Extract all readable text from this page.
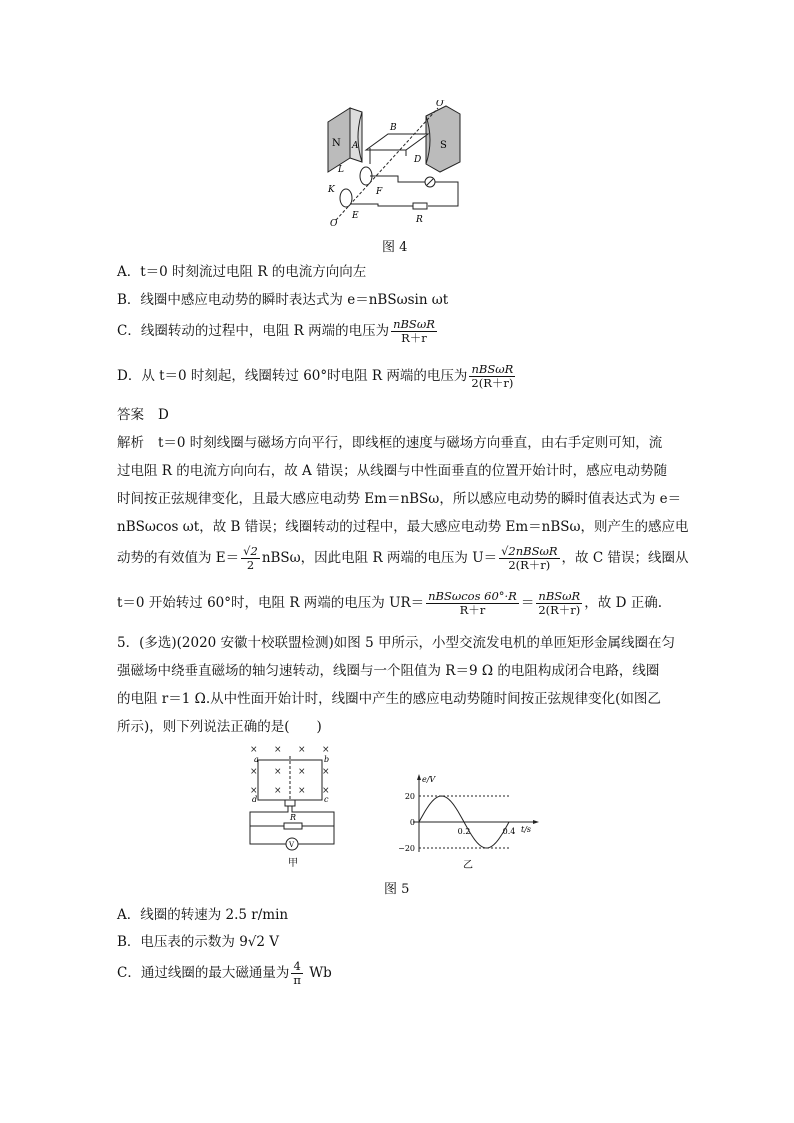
O′
B
N A
L
S
D
K	F
E
O	R
图 4
A．t＝0 时刻流过电阻 R 的电流方向向左
B．线圈中感应电动势的瞬时表达式为 e＝nBSωsin ωt
C．线圈转动的过程中，电阻 R 两端的电压为 $\frac{\text{nBSωR}}{R+r}$
D．从 t＝0 时刻起，线圈转过 60°时电阻 R 两端的电压为 $\frac{\text{nBSωR}}{2(R+r)}$
答案 D
解析 t＝0 时刻线圈与磁场方向平行，即线框的速度与磁场方向垂直，由右手定则可知，流
过电阻 R 的电流方向向右，故 A 错误；从线圈与中性面垂直的位置开始计时，感应电动势随
时间按正弦规律变化，且最大感应电动势 Em＝nBSω，所以感应电动势的瞬时值表达式为 e＝
nBSωcos ωt，故 B 错误；线圈转动的过程中，最大感应电动势 Em＝nBSω，则产生的感应电
动势的有效值为 $E= \frac{√2}{2}$ nBSω，因此电阻 R 两端的电压为 $U= \frac{\text{√2nBSωR}}{2(R+r)}$ ，故 C 错误；线圈从
t＝0 开始转过 60°时，电阻 R 两端的电压为 $UR= \frac{\text{nBSωcos 60°·R}}{R+r} = \frac{\text{nBSωR}}{2(R+r)}$ ，故 D 正确.
5．(多选)(2020 安徽十校联盟检测)如图 5 甲所示，小型交流发电机的单匝矩形金属线圈在匀
强磁场中绕垂直磁场的轴匀速转动，线圈与一个阻值为 R＝9 Ω 的电阻构成闭合电路，线圈
的电阻 r＝1 Ω.从中性面开始计时，线圈中产生的感应电动势随时间按正弦规律变化(如图乙
所示)，则下列说法正确的是(　　)
× × × ×
× × × ×
× × × ×
a	b
c
d
R
V
甲
e/V
t/s
20
0
−20
0.2	0.4
乙
图 5
A．线圈的转速为 2.5 r/min
B．电压表的示数为 9√2 V
C．通过线圈的最大磁通量为 $\frac{4}{\pi}$ Wb
